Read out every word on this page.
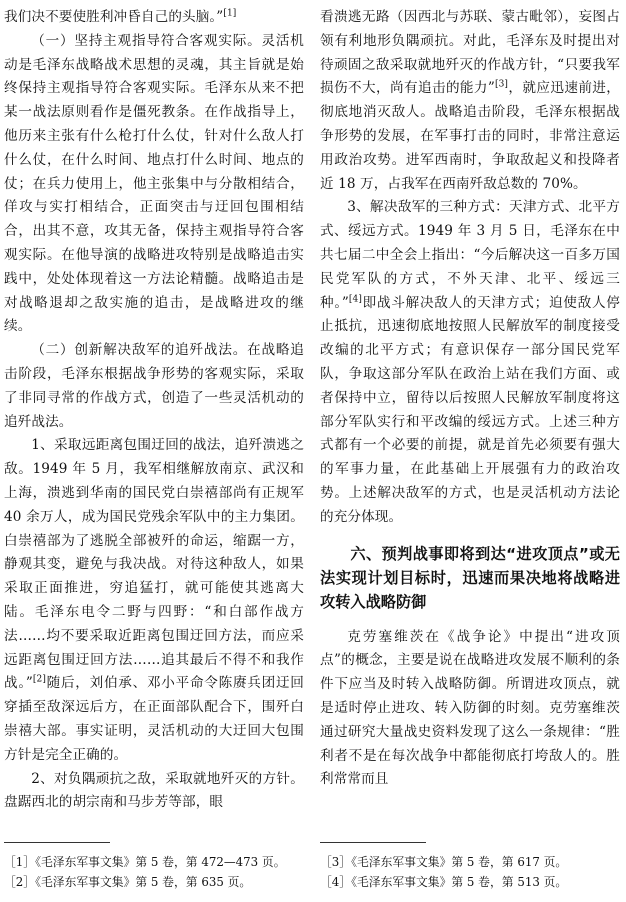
我们决不要使胜利冲昏自己的头脑。”[1]

（一）坚持主观指导符合客观实际。灵活机动是毛泽东战略战术思想的灵魂，其主旨就是始终保持主观指导符合客观实际。毛泽东从来不把某一战法原则看作是僵死教条。在作战指导上，他历来主张有什么枪打什么仗，针对什么敌人打什么仗，在什么时间、地点打什么时间、地点的仗；在兵力使用上，他主张集中与分散相结合，佯攻与实打相结合，正面突击与迂回包围相结合，出其不意，攻其无备，保持主观指导符合客观实际。在他导演的战略进攻特别是战略追击实践中，处处体现着这一方法论精髓。战略追击是对战略退却之敌实施的追击，是战略进攻的继续。

（二）创新解决敌军的追歼战法。在战略追击阶段，毛泽东根据战争形势的客观实际，采取了非同寻常的作战方式，创造了一些灵活机动的追歼战法。

1、采取远距离包围迂回的战法，追歼溃逃之敌。1949 年 5 月，我军相继解放南京、武汉和上海，溃逃到华南的国民党白崇禧部尚有正规军 40 余万人，成为国民党残余军队中的主力集团。白崇禧部为了逃脱全部被歼的命运，缩踞一方，静观其变，避免与我决战。对待这种敌人，如果采取正面推进，穷追猛打，就可能使其逃离大陆。毛泽东电令二野与四野：“和白部作战方法……均不要采取近距离包围迂回方法，而应采远距离包围迂回方法……追其最后不得不和我作战。”[2]随后，刘伯承、邓小平命令陈赓兵团迂回穿插至敌深远后方，在正面部队配合下，围歼白崇禧大部。事实证明，灵活机动的大迂回大包围方针是完全正确的。

2、对负隅顽抗之敌，采取就地歼灭的方针。盘踞西北的胡宗南和马步芳等部，眼

看溃逃无路（因西北与苏联、蒙古毗邻），妄图占领有利地形负隅顽抗。对此，毛泽东及时提出对待顽固之敌采取就地歼灭的作战方针，“只要我军损伤不大，尚有追击的能力”[3]，就应迅速前进，彻底地消灭敌人。战略追击阶段，毛泽东根据战争形势的发展，在军事打击的同时，非常注意运用政治攻势。进军西南时，争取敌起义和投降者近 18 万，占我军在西南歼敌总数的 70%。

3、解决敌军的三种方式：天津方式、北平方式、绥远方式。1949 年 3 月 5 日，毛泽东在中共七届二中全会上指出：“今后解决这一百多万国民党军队的方式，不外天津、北平、绥远三种。”[4]即战斗解决敌人的天津方式；迫使敌人停止抵抗，迅速彻底地按照人民解放军的制度接受改编的北平方式；有意识保存一部分国民党军队，争取这部分军队在政治上站在我们方面、或者保持中立，留待以后按照人民解放军制度将这部分军队实行和平改编的绥远方式。上述三种方式都有一个必要的前提，就是首先必须要有强大的军事力量，在此基础上开展强有力的政治攻势。上述解决敌军的方式，也是灵活机动方法论的充分体现。

六、预判战事即将到达“进攻顶点”或无法实现计划目标时，迅速而果决地将战略进攻转入战略防御

克劳塞维茨在《战争论》中提出“进攻顶点”的概念，主要是说在战略进攻发展不顺利的条件下应当及时转入战略防御。所谓进攻顶点，就是适时停止进攻、转入防御的时刻。克劳塞维茨通过研究大量战史资料发现了这么一条规律：“胜利者不是在每次战争中都能彻底打垮敌人的。胜利常常而且

［1］《毛泽东军事文集》第 5 卷，第 472—473 页。

［2］《毛泽东军事文集》第 5 卷，第 635 页。

［3］《毛泽东军事文集》第 5 卷，第 617 页。

［4］《毛泽东军事文集》第 5 卷，第 513 页。
